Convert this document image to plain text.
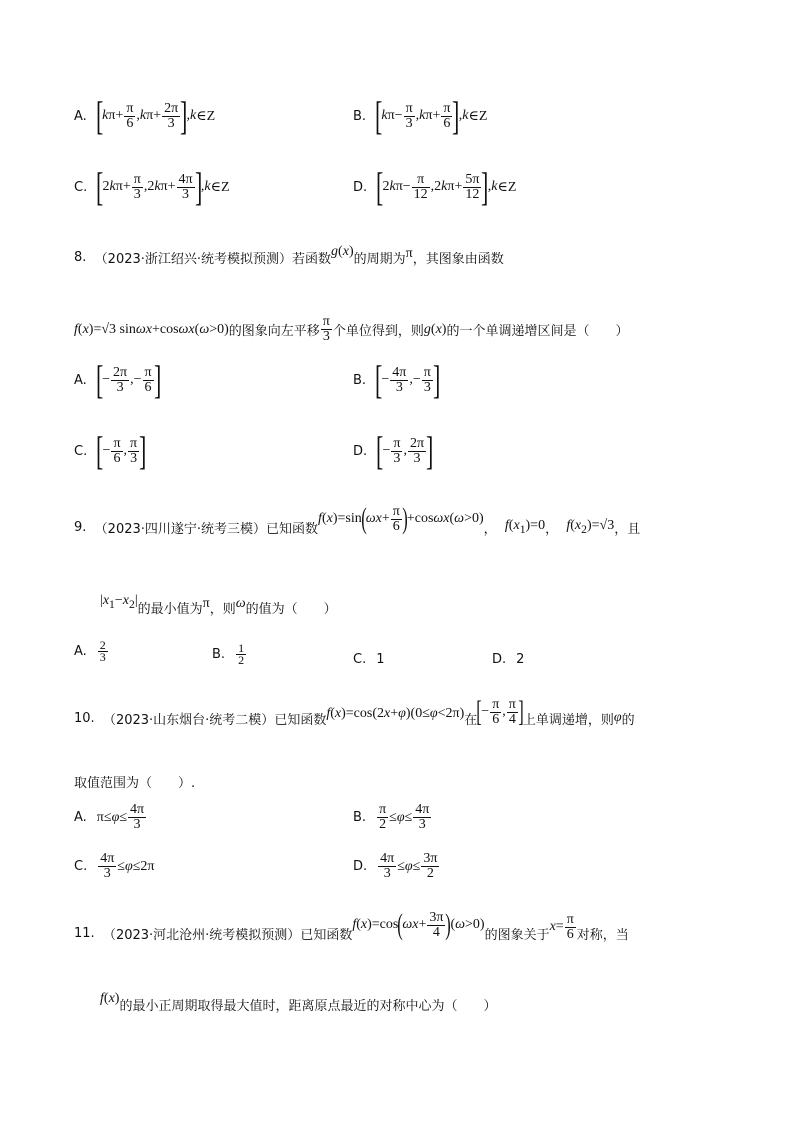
A. [
k π+ π
6 , k π+ 2π
3 ]
, k ∈Z	B. [
k π− π
3 , k π+ π
6 ]
, k ∈Z
C. [
2 k π+ π
3 ,2 k π+ 4π
3 ]
, k ∈Z	D. [
2 k π− π
12 ,2 k π+ 5π
12 ]
, k ∈Z
8.
（2023·浙江绍兴·统考模拟预测） 若函数
g(x)
的周期为 π ，其图象由函数
f(x)=√3 sinωx+cosωx(ω>0) 的图象向左平移
π
3 个单位得到，则 g(x) 的一个单调递增区间是（　　）
A. [
− 2π
3 ,− π
6 ]	B. [
− 4π
3 ,− π
3 ]
C. [
− π
6 , π
3 ]	D. [
− π
3 , 2π
3 ]
9.
（2023·四川遂宁·统考三模） 已知函数
f ( x )=sin ( ωx + π
6 ) +cos ωx ( ω >0)
，
$f(x_1)=0$ ，
$f(x_2)=√3$ ，且
$|x_1-x_2|$
的最小值为 π ，则 ω 的值为（　　）
A. 2
3	B. 1
2	C. 1	D. 2
10.
（2023·山东烟台·统考二模） 已知函数 f(x)=cos(2x+φ)(0≤φ<2π) 在 [ − π
6 , π
4 ] 上单调递增，则 φ 的
取值范围为（　　）.
A. π≤ φ ≤ 4π
3	B.
π
2 ≤ φ ≤ 4π
3
C.
4π
3 ≤ φ ≤2π	D.
4π
3 ≤ φ ≤ 3π
2
11.
（2023·河北沧州·统考模拟预测） 已知函数
f ( x )=cos ( ωx + 3π
4 ) ( ω >0)
的图象关于
x = π
6 对称，当
f(x)
的最小正周期取得最大值时，距离原点最近的对称中心为（　　）
